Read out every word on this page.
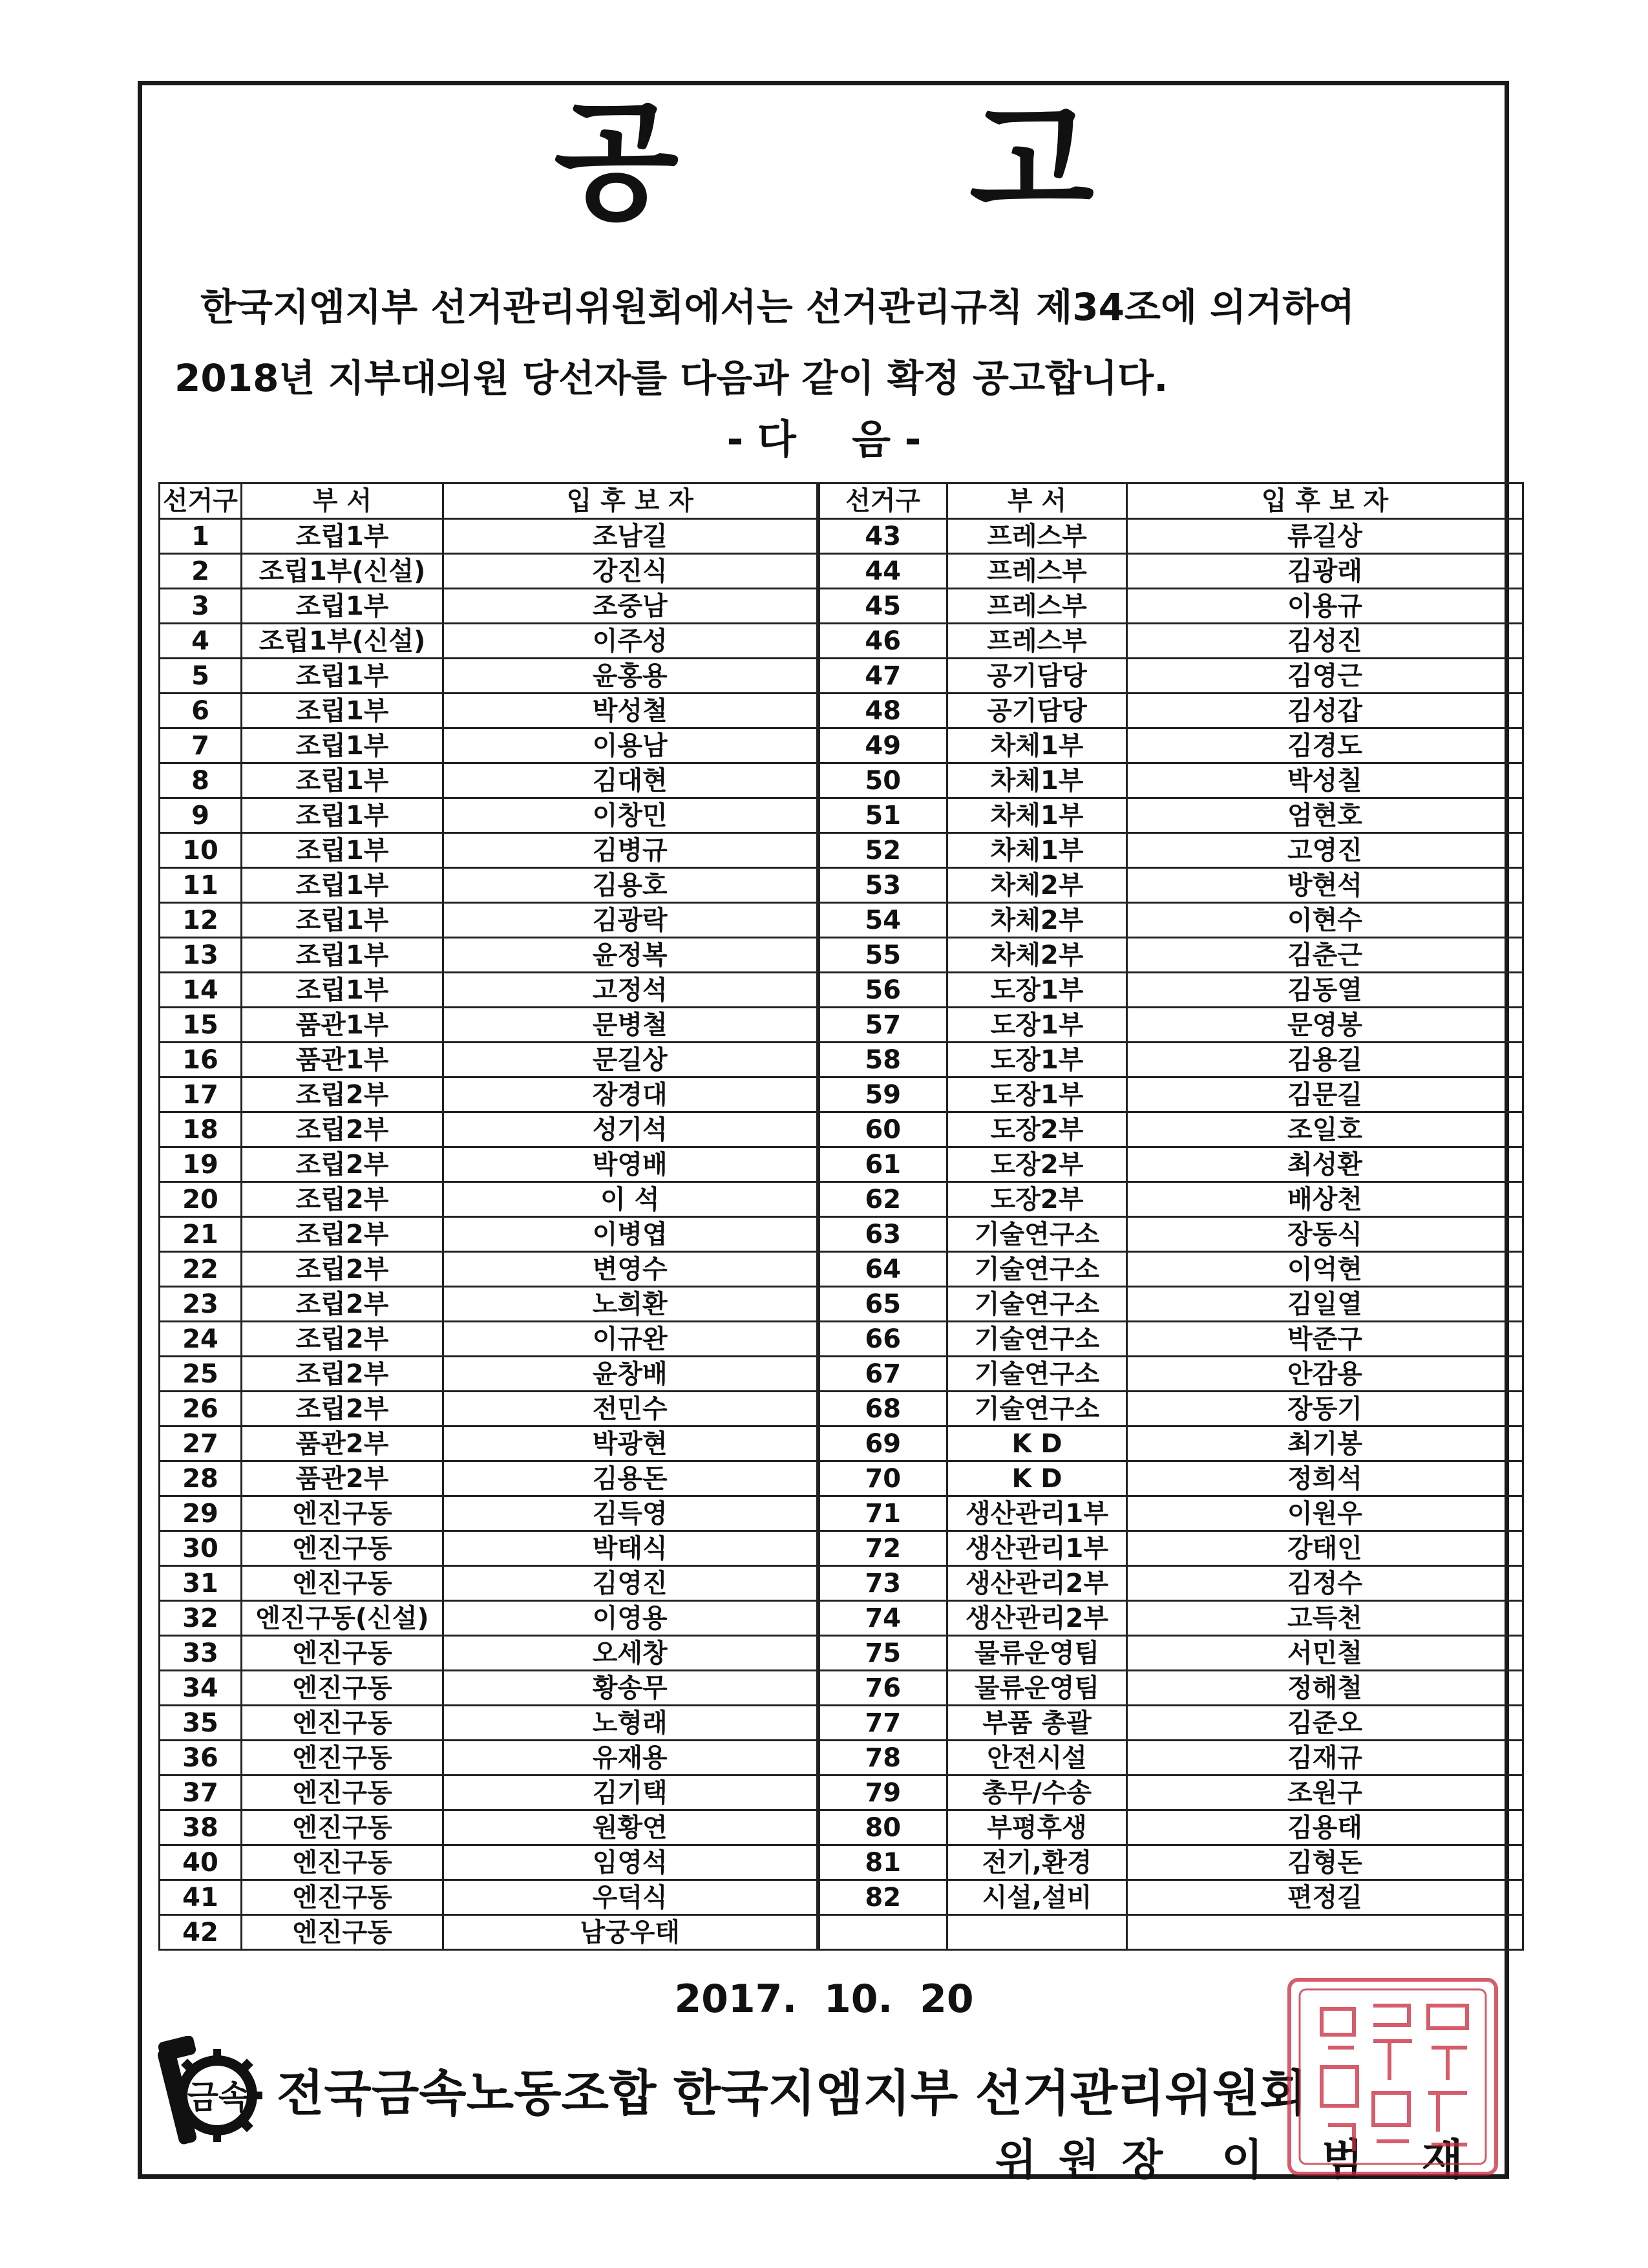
공 고
한국지엠지부 선거관리위원회에서는 선거관리규칙 제34조에 의거하여
2018년 지부대의원 당선자를 다음과 같이 확정 공고합니다.
- 다    음 -
선거구	부 서	입 후 보 자	선거구	부 서	입 후 보 자
1	조립1부	조남길	43	프레스부	류길상
2	조립1부(신설)	강진식	44	프레스부	김광래
3	조립1부	조중남	45	프레스부	이용규
4	조립1부(신설)	이주성	46	프레스부	김성진
5	조립1부	윤홍용	47	공기담당	김영근
6	조립1부	박성철	48	공기담당	김성갑
7	조립1부	이용남	49	차체1부	김경도
8	조립1부	김대현	50	차체1부	박성칠
9	조립1부	이창민	51	차체1부	엄현호
10	조립1부	김병규	52	차체1부	고영진
11	조립1부	김용호	53	차체2부	방현석
12	조립1부	김광락	54	차체2부	이현수
13	조립1부	윤정복	55	차체2부	김춘근
14	조립1부	고정석	56	도장1부	김동열
15	품관1부	문병철	57	도장1부	문영봉
16	품관1부	문길상	58	도장1부	김용길
17	조립2부	장경대	59	도장1부	김문길
18	조립2부	성기석	60	도장2부	조일호
19	조립2부	박영배	61	도장2부	최성환
20	조립2부	이 석	62	도장2부	배상천
21	조립2부	이병엽	63	기술연구소	장동식
22	조립2부	변영수	64	기술연구소	이억현
23	조립2부	노희환	65	기술연구소	김일열
24	조립2부	이규완	66	기술연구소	박준구
25	조립2부	윤창배	67	기술연구소	안감용
26	조립2부	전민수	68	기술연구소	장동기
27	품관2부	박광현	69	K D	최기봉
28	품관2부	김용돈	70	K D	정희석
29	엔진구동	김득영	71	생산관리1부	이원우
30	엔진구동	박태식	72	생산관리1부	강태인
31	엔진구동	김영진	73	생산관리2부	김정수
32	엔진구동(신설)	이영용	74	생산관리2부	고득천
33	엔진구동	오세창	75	물류운영팀	서민철
34	엔진구동	황송무	76	물류운영팀	정해철
35	엔진구동	노형래	77	부품 총괄	김준오
36	엔진구동	유재용	78	안전시설	김재규
37	엔진구동	김기택	79	총무/수송	조원구
38	엔진구동	원황연	80	부평후생	김용태
40	엔진구동	임영석	81	전기,환경	김형돈
41	엔진구동	우덕식	82	시설,설비	편정길
42	엔진구동	남궁우태			
2017.  10.  20
금속 전국금속노동조합 한국지엠지부 선거관리위원회
위원장 이 범 재
